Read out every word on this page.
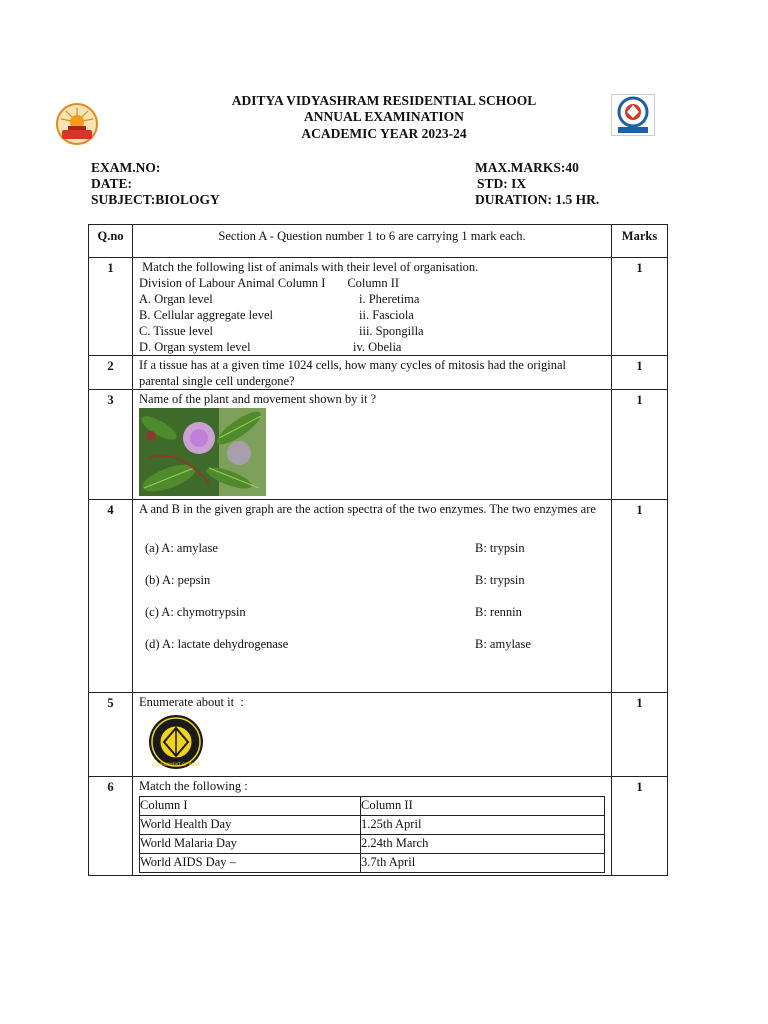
ADITYA VIDYASHRAM RESIDENTIAL SCHOOL
ANNUAL EXAMINATION
ACADEMIC YEAR 2023-24
EXAM.NO:
DATE:
SUBJECT:BIOLOGY
MAX.MARKS:40
STD: IX
DURATION: 1.5 HR.
Q.no	Section A - Question number 1 to 6 are carrying 1 mark each.	Marks
1	Match the following list of animals with their level of organisation.
Division of Labour Animal Column I       Column II
A. Organ level	i. Pheretima
B. Cellular aggregate level	ii. Fasciola
C. Tissue level	iii. Spongilla
D. Organ system level	iv. Obelia
	1
2	If a tissue has at a given time 1024 cells, how many cycles of mitosis had the original parental single cell undergone?	1
3	Name of the plant and movement shown by it ?	1
4	A and B in the given graph are the action spectra of the two enzymes. The two enzymes are
(a) A: amylase	B: trypsin
(b) A: pepsin	B: trypsin
(c) A: chymotrypsin	B: rennin
(d) A: lactate dehydrogenase	B: amylase
	1
5	Enumerate about it  :
GOVERNMENT OF INDIA
	1
6	Match the following :
Column I	Column II
World Health Day	1.25th April
World Malaria Day	2.24th March
World AIDS Day –	3.7th April
	1
